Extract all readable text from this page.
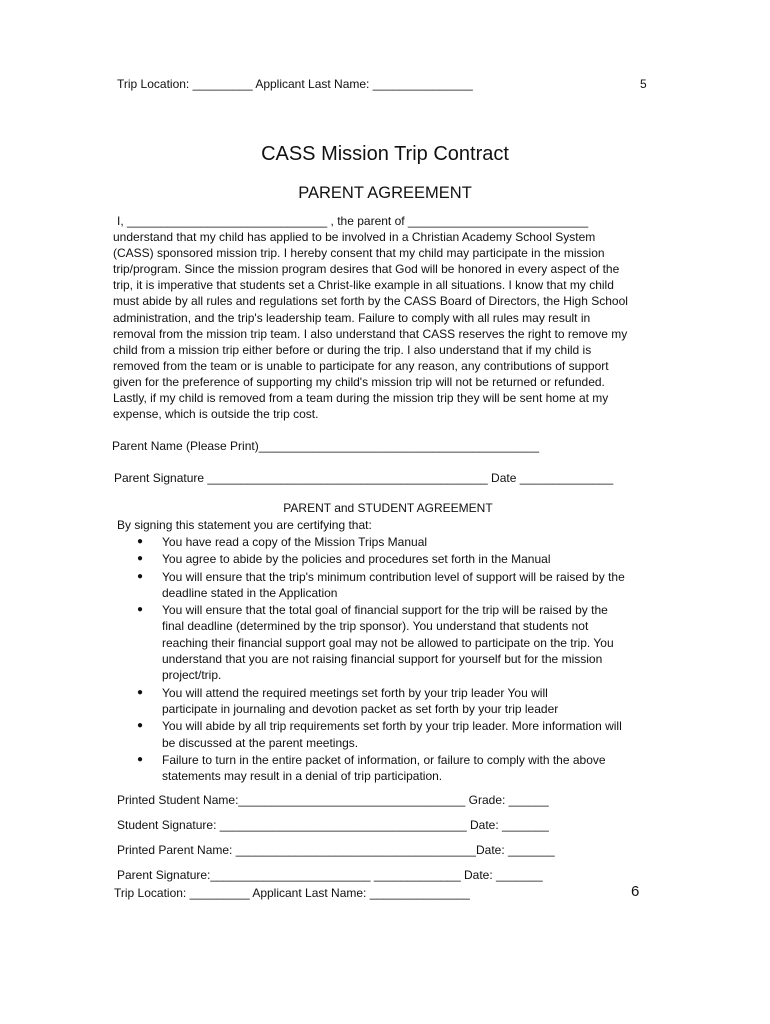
Trip Location: _________ Applicant Last Name: _______________	5
CASS Mission Trip Contract
PARENT AGREEMENT
I, ______________________________ , the parent of ___________________________
understand that my child has applied to be involved in a Christian Academy School System
(CASS) sponsored mission trip. I hereby consent that my child may participate in the mission
trip/program. Since the mission program desires that God will be honored in every aspect of the
trip, it is imperative that students set a Christ-like example in all situations. I know that my child
must abide by all rules and regulations set forth by the CASS Board of Directors, the High School
administration, and the trip's leadership team. Failure to comply with all rules may result in
removal from the mission trip team. I also understand that CASS reserves the right to remove my
child from a mission trip either before or during the trip. I also understand that if my child is
removed from the team or is unable to participate for any reason, any contributions of support
given for the preference of supporting my child's mission trip will not be returned or refunded.
Lastly, if my child is removed from a team during the mission trip they will be sent home at my
expense, which is outside the trip cost.
Parent Name (Please Print)__________________________________________
Parent Signature __________________________________________ Date ______________
PARENT and STUDENT AGREEMENT
By signing this statement you are certifying that:
● You have read a copy of the Mission Trips Manual
● You agree to abide by the policies and procedures set forth in the Manual
● You will ensure that the trip's minimum contribution level of support will be raised by the
deadline stated in the Application
● You will ensure that the total goal of financial support for the trip will be raised by the
final deadline (determined by the trip sponsor). You understand that students not
reaching their financial support goal may not be allowed to participate on the trip. You
understand that you are not raising financial support for yourself but for the mission
project/trip.
● You will attend the required meetings set forth by your trip leader You will
participate in journaling and devotion packet as set forth by your trip leader
● You will abide by all trip requirements set forth by your trip leader. More information will
be discussed at the parent meetings.
● Failure to turn in the entire packet of information, or failure to comply with the above
statements may result in a denial of trip participation.
Printed Student Name:__________________________________ Grade: ______
Student Signature: _____________________________________ Date: _______
Printed Parent Name: ____________________________________Date: _______
Parent Signature:________________________ _____________ Date: _______
Trip Location: _________ Applicant Last Name: _______________	6
